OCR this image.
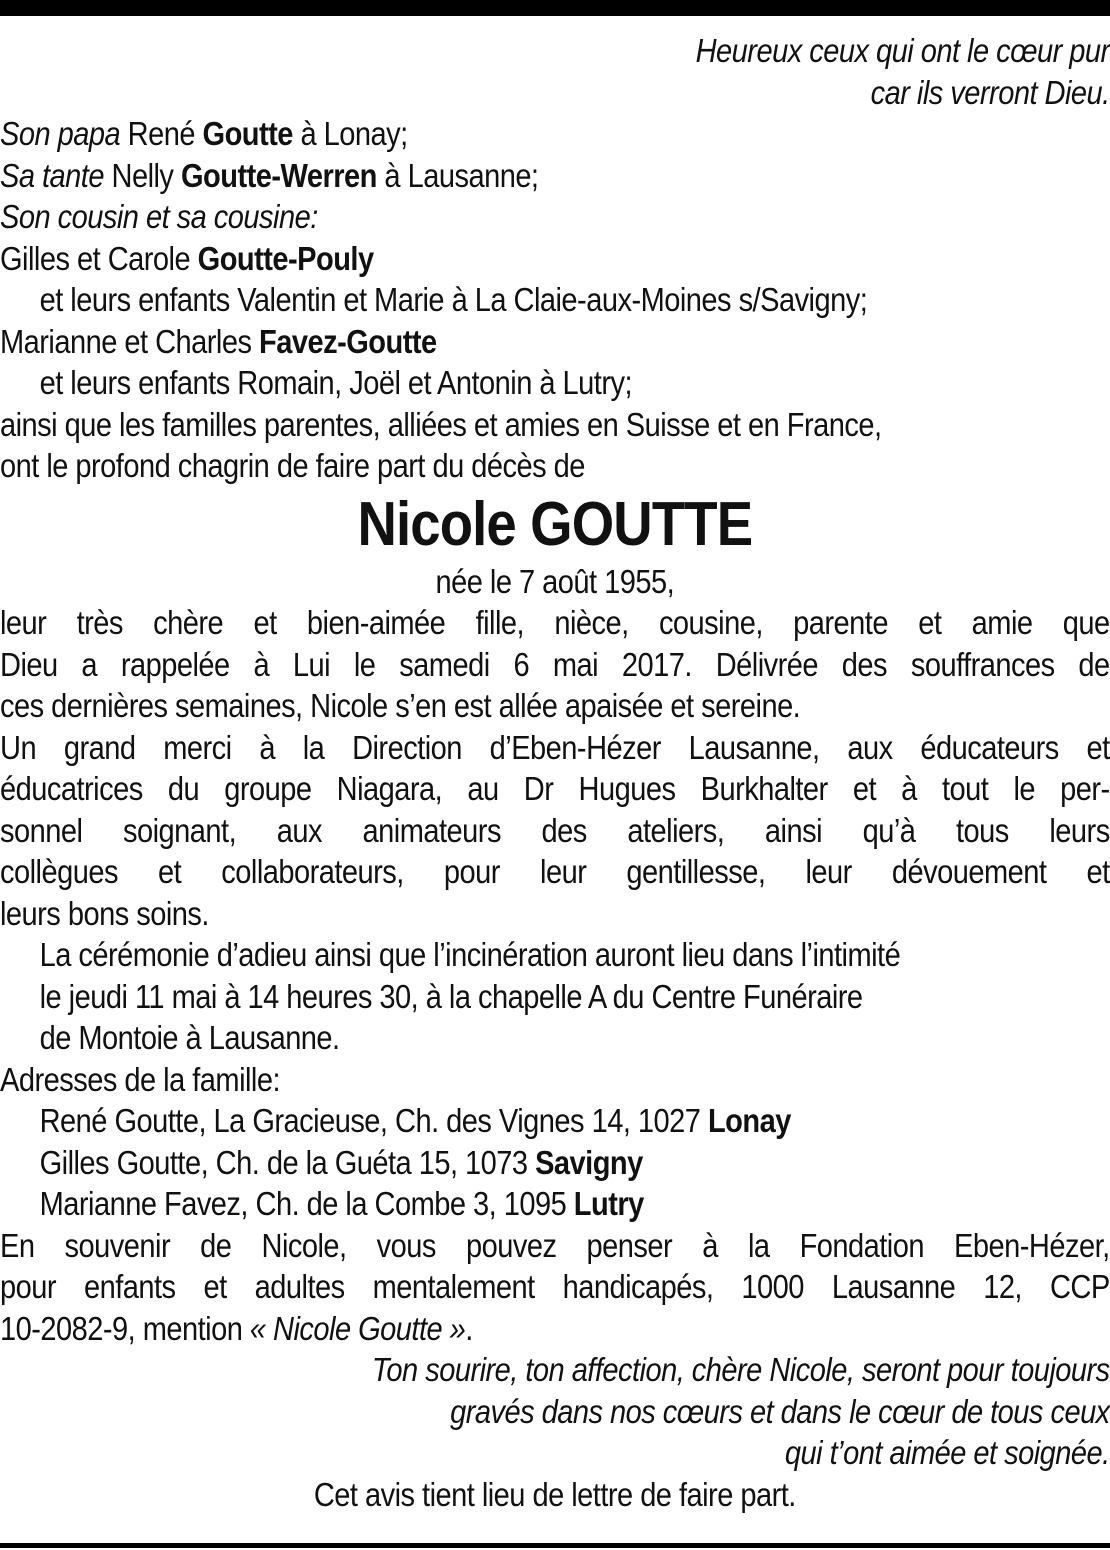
Heureux ceux qui ont le cœur pur
car ils verront Dieu.
Son papa René Goutte à Lonay;
Sa tante Nelly Goutte-Werren à Lausanne;
Son cousin et sa cousine:
Gilles et Carole Goutte-Pouly
et leurs enfants Valentin et Marie à La Claie-aux-Moines s/Savigny;
Marianne et Charles Favez-Goutte
et leurs enfants Romain, Joël et Antonin à Lutry;
ainsi que les familles parentes, alliées et amies en Suisse et en France,
ont le profond chagrin de faire part du décès de
Nicole GOUTTE
née le 7 août 1955,
leur très chère et bien-aimée fille, nièce, cousine, parente et amie que
Dieu a rappelée à Lui le samedi 6 mai 2017. Délivrée des souffrances de
ces dernières semaines, Nicole s’en est allée apaisée et sereine.
Un grand merci à la Direction d’Eben-Hézer Lausanne, aux éducateurs et
éducatrices du groupe Niagara, au Dr Hugues Burkhalter et à tout le per-
sonnel soignant, aux animateurs des ateliers, ainsi qu’à tous leurs
collègues et collaborateurs, pour leur gentillesse, leur dévouement et
leurs bons soins.
La cérémonie d’adieu ainsi que l’incinération auront lieu dans l’intimité
le jeudi 11 mai à 14 heures 30, à la chapelle A du Centre Funéraire
de Montoie à Lausanne.
Adresses de la famille:
René Goutte, La Gracieuse, Ch. des Vignes 14, 1027 Lonay
Gilles Goutte, Ch. de la Guéta 15, 1073 Savigny
Marianne Favez, Ch. de la Combe 3, 1095 Lutry
En souvenir de Nicole, vous pouvez penser à la Fondation Eben-Hézer,
pour enfants et adultes mentalement handicapés, 1000 Lausanne 12, CCP
10-2082-9, mention « Nicole Goutte ».
Ton sourire, ton affection, chère Nicole, seront pour toujours
gravés dans nos cœurs et dans le cœur de tous ceux
qui t’ont aimée et soignée.
Cet avis tient lieu de lettre de faire part.
